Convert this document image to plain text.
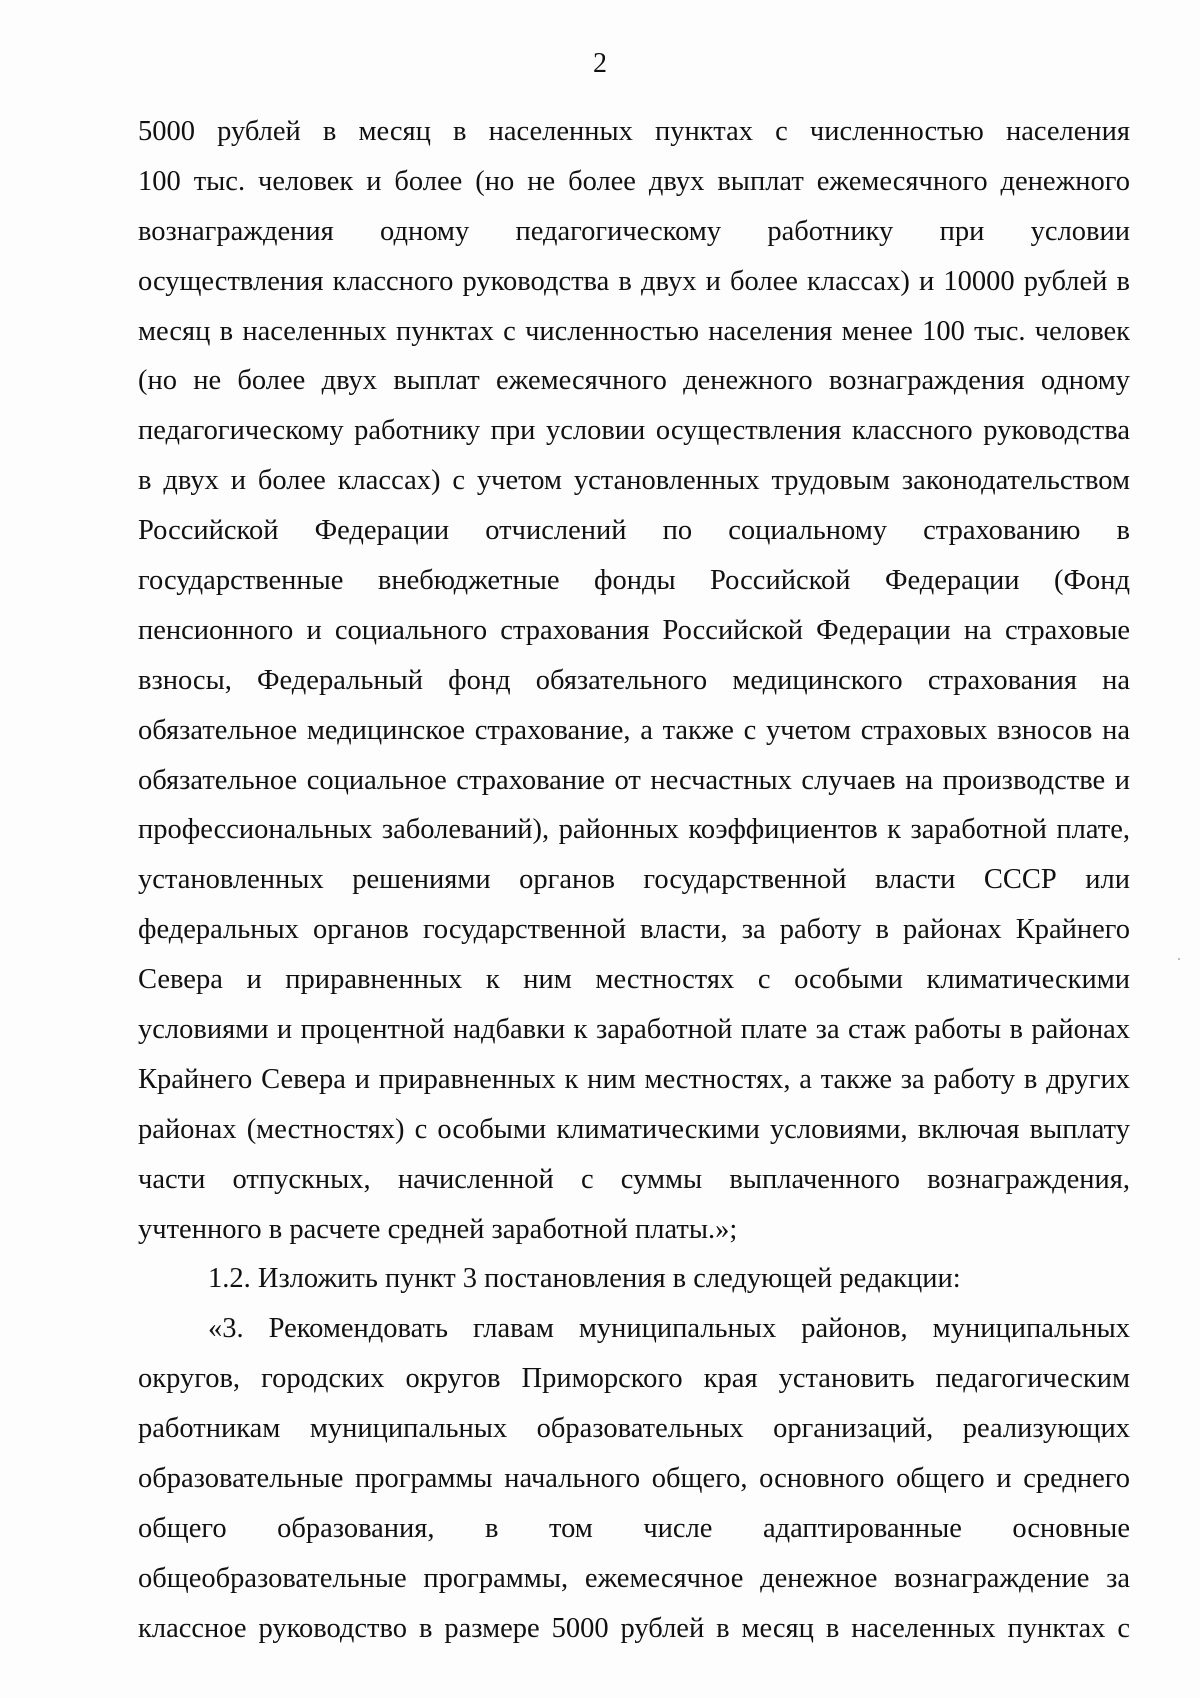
2
5000 рублей в месяц в населенных пунктах с численностью населения
100 тыс. человек и более (но не более двух выплат ежемесячного денежного
вознаграждения одному педагогическому работнику при условии
осуществления классного руководства в двух и более классах) и 10000 рублей в
месяц в населенных пунктах с численностью населения менее 100 тыс. человек
(но не более двух выплат ежемесячного денежного вознаграждения одному
педагогическому работнику при условии осуществления классного руководства
в двух и более классах) с учетом установленных трудовым законодательством
Российской Федерации отчислений по социальному страхованию в
государственные внебюджетные фонды Российской Федерации (Фонд
пенсионного и социального страхования Российской Федерации на страховые
взносы, Федеральный фонд обязательного медицинского страхования на
обязательное медицинское страхование, а также с учетом страховых взносов на
обязательное социальное страхование от несчастных случаев на производстве и
профессиональных заболеваний), районных коэффициентов к заработной плате,
установленных решениями органов государственной власти СССР или
федеральных органов государственной власти, за работу в районах Крайнего
Севера и приравненных к ним местностях с особыми климатическими
условиями и процентной надбавки к заработной плате за стаж работы в районах
Крайнего Севера и приравненных к ним местностях, а также за работу в других
районах (местностях) с особыми климатическими условиями, включая выплату
части отпускных, начисленной с суммы выплаченного вознаграждения,
учтенного в расчете средней заработной платы.»;
1.2. Изложить пункт 3 постановления в следующей редакции:
«3. Рекомендовать главам муниципальных районов, муниципальных
округов, городских округов Приморского края установить педагогическим
работникам муниципальных образовательных организаций, реализующих
образовательные программы начального общего, основного общего и среднего
общего образования, в том числе адаптированные основные
общеобразовательные программы, ежемесячное денежное вознаграждение за
классное руководство в размере 5000 рублей в месяц в населенных пунктах с
